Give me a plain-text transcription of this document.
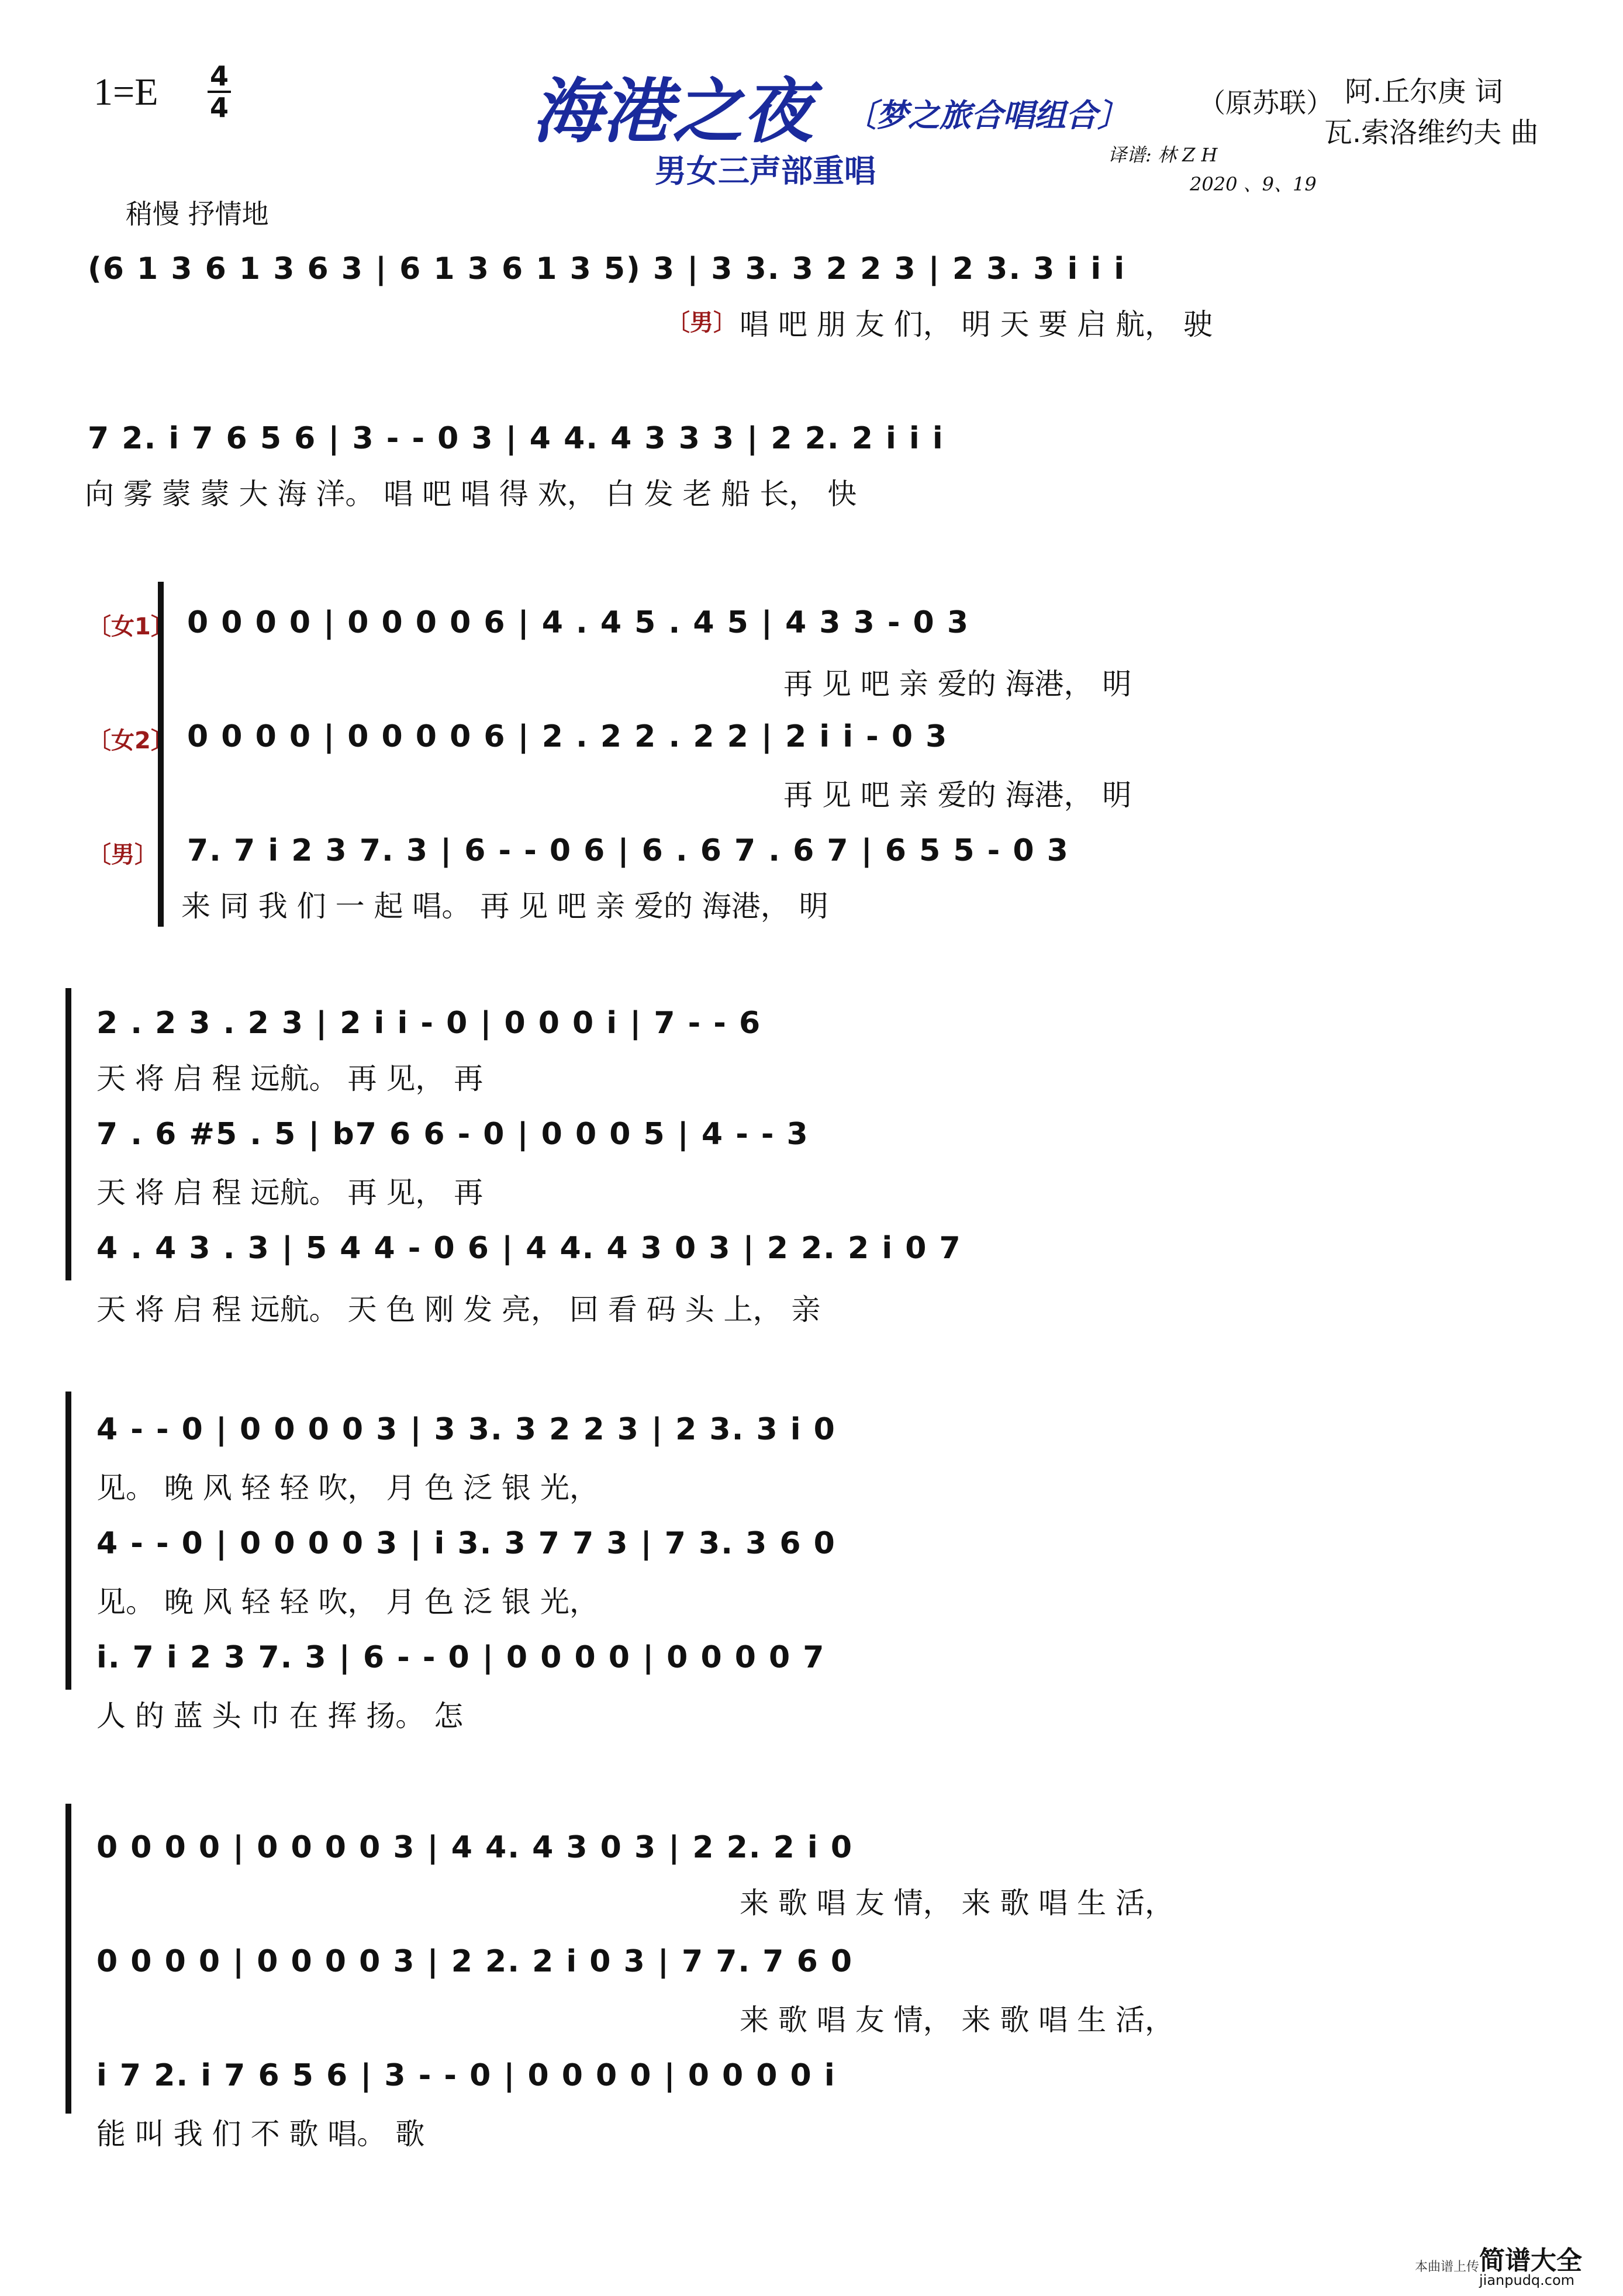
1=E 4
4	海港之夜 〔梦之旅合唱组合〕	（原苏联） 阿.丘尔庚 词
瓦.索洛维约夫 曲
男女三声部重唱	译谱: 林 Z H
2020 、9、19
稍慢 抒情地
(6 1 3 6 1 3 6 3 | 6 1 3 6 1 3 5) 3 | 3 3. 3 2 2 3 | 2 3. 3 i i i
〔男〕 唱 吧 朋 友 们， 明 天 要 启 航， 驶
7 2. i 7 6 5 6 | 3 - - 0 3 | 4 4. 4 3 3 3 | 2 2. 2 i i i
向 雾 蒙 蒙 大 海 洋。 唱 吧 唱 得 欢， 白 发 老 船 长， 快
〔女1〕 0 0 0 0 | 0 0 0 0 6 | 4 . 4 5 . 4 5 | 4 3 3 - 0 3
再 见 吧 亲 爱的 海港， 明
〔女2〕 0 0 0 0 | 0 0 0 0 6 | 2 . 2 2 . 2 2 | 2 i i - 0 3
再 见 吧 亲 爱的 海港， 明
〔男〕 7. 7 i 2 3 7. 3 | 6 - - 0 6 | 6 . 6 7 . 6 7 | 6 5 5 - 0 3
来 同 我 们 一 起 唱。 再 见 吧 亲 爱的 海港， 明
2 . 2 3 . 2 3 | 2 i i - 0 | 0 0 0 i | 7 - - 6
天 将 启 程 远航。 再 见， 再
7 . 6 #5 . 5 | b7 6 6 - 0 | 0 0 0 5 | 4 - - 3
天 将 启 程 远航。 再 见， 再
4 . 4 3 . 3 | 5 4 4 - 0 6 | 4 4. 4 3 0 3 | 2 2. 2 i 0 7
天 将 启 程 远航。 天 色 刚 发 亮， 回 看 码 头 上， 亲
4 - - 0 | 0 0 0 0 3 | 3 3. 3 2 2 3 | 2 3. 3 i 0
见。 晚 风 轻 轻 吹， 月 色 泛 银 光，
4 - - 0 | 0 0 0 0 3 | i 3. 3 7 7 3 | 7 3. 3 6 0
见。 晚 风 轻 轻 吹， 月 色 泛 银 光，
i. 7 i 2 3 7. 3 | 6 - - 0 | 0 0 0 0 | 0 0 0 0 7
人 的 蓝 头 巾 在 挥 扬。 怎
0 0 0 0 | 0 0 0 0 3 | 4 4. 4 3 0 3 | 2 2. 2 i 0
来 歌 唱 友 情， 来 歌 唱 生 活，
0 0 0 0 | 0 0 0 0 3 | 2 2. 2 i 0 3 | 7 7. 7 6 0
来 歌 唱 友 情， 来 歌 唱 生 活，
i 7 2. i 7 6 5 6 | 3 - - 0 | 0 0 0 0 | 0 0 0 0 i
能 叫 我 们 不 歌 唱。 歌
本曲谱上传 简谱大全
jianpudq.com
